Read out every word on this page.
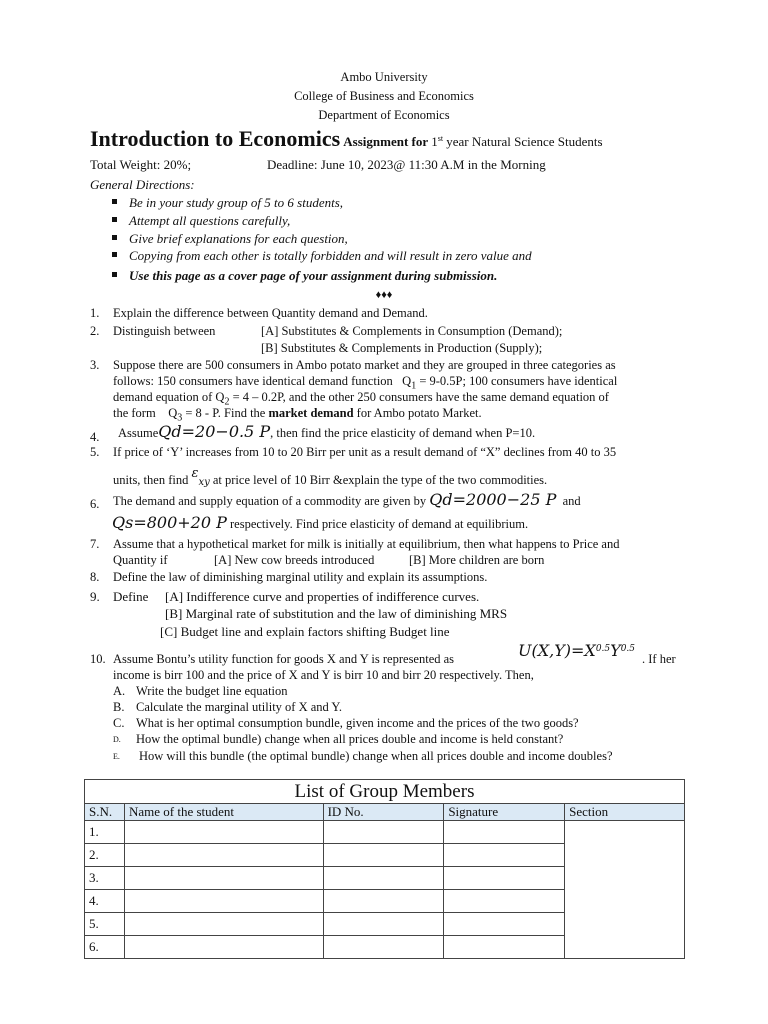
Ambo University
College of Business and Economics
Department of Economics
Introduction to Economics Assignment for 1st year Natural Science Students
Total Weight: 20%;	Deadline: June 10, 2023@ 11:30 A.M in the Morning
General Directions:
Be in your study group of 5 to 6 students,
Attempt all questions carefully,
Give brief explanations for each question,
Copying from each other is totally forbidden and will result in zero value and
Use this page as a cover page of your assignment during submission.
♦♦♦
1. Explain the difference between Quantity demand and Demand.
2. Distinguish between	[A] Substitutes & Complements in Consumption (Demand);
[B] Substitutes & Complements in Production (Supply);
3. Suppose there are 500 consumers in Ambo potato market and they are grouped in three categories as
follows: 150 consumers have identical demand function $Q_1 = 9-0.5P$; 100 consumers have identical
demand equation of $Q_2 = 4 - 0.2P$, and the other 250 consumers have the same demand equation of
the form $Q_3 = 8 - P$. Find the market demand for Ambo potato Market.
4. AssumeQd=20−0.5 P, then find the price elasticity of demand when P=10.
5. If price of ‘Y’ increases from 10 to 20 Birr per unit as a result demand of “X” declines from 40 to 35
units, then find $\varepsilon_{xy}$ at price level of 10 Birr &explain the type of the two commodities.
6. The demand and supply equation of a commodity are given by Qd=2000−25 P and
Qs=800+20 P respectively. Find price elasticity of demand at equilibrium.
7. Assume that a hypothetical market for milk is initially at equilibrium, then what happens to Price and
Quantity if	[A] New cow breeds introduced	[B] More children are born
8. Define the law of diminishing marginal utility and explain its assumptions.
9. Define [A] Indifference curve and properties of indifference curves.
[B] Marginal rate of substitution and the law of diminishing MRS
[C] Budget line and explain factors shifting Budget line
10. Assume Bontu’s utility function for goods X and Y is represented as	$U(X,Y)=X^{0.5}Y^{0.5}$
. If her
income is birr 100 and the price of X and Y is birr 10 and birr 20 respectively. Then,
A. Write the budget line equation
B. Calculate the marginal utility of X and Y.
C. What is her optimal consumption bundle, given income and the prices of the two goods?
D. How the optimal bundle) change when all prices double and income is held constant?
E. How will this bundle (the optimal bundle) change when all prices double and income doubles?
List of Group Members
S.N.	Name of the student	ID No.	Signature	Section
1.				
2.				
3.				
4.				
5.				
6.				
